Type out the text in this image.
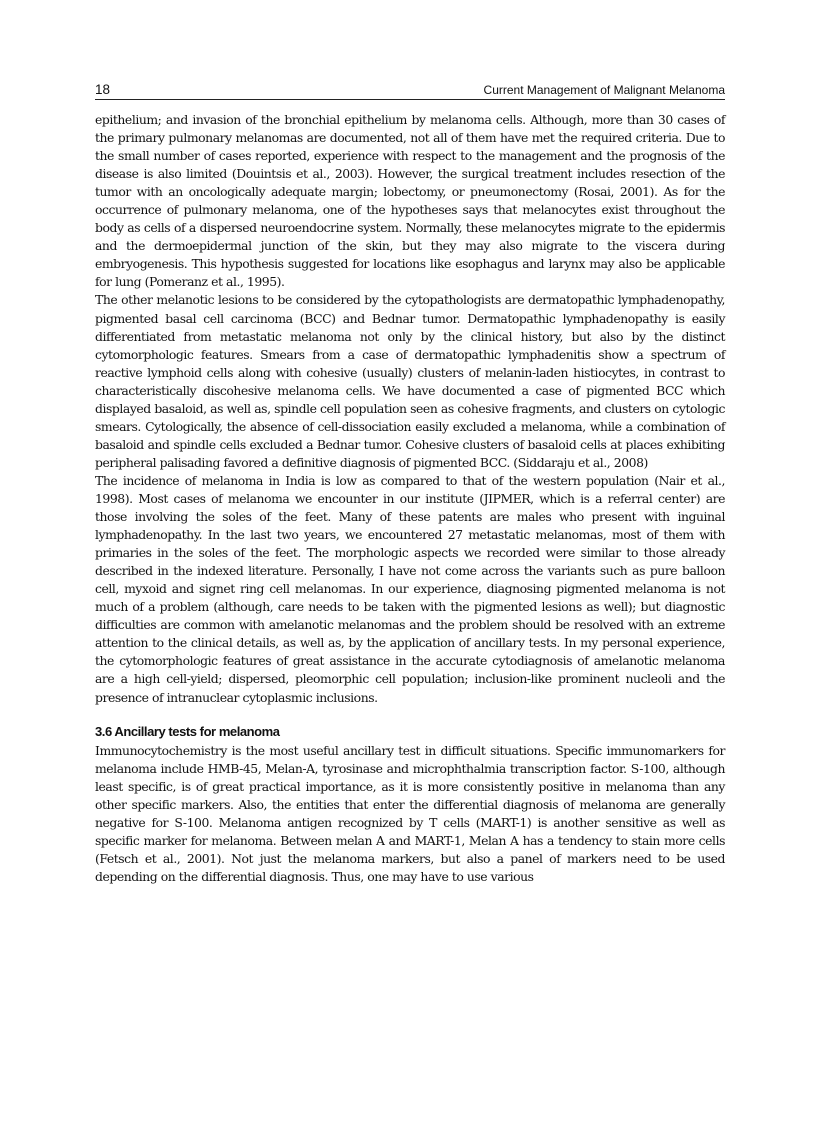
18	Current Management of Malignant Melanoma

epithelium; and invasion of the bronchial epithelium by melanoma cells. Although, more than 30 cases of the primary pulmonary melanomas are documented, not all of them have met the required criteria. Due to the small number of cases reported, experience with respect to the management and the prognosis of the disease is also limited (Douintsis et al., 2003). However, the surgical treatment includes resection of the tumor with an oncologically adequate margin; lobectomy, or pneumonectomy (Rosai, 2001). As for the occurrence of pulmonary melanoma, one of the hypotheses says that melanocytes exist throughout the body as cells of a dispersed neuroendocrine system. Normally, these melanocytes migrate to the epidermis and the dermoepidermal junction of the skin, but they may also migrate to the viscera during embryogenesis. This hypothesis suggested for locations like esophagus and larynx may also be applicable for lung (Pomeranz et al., 1995).

The other melanotic lesions to be considered by the cytopathologists are dermatopathic lymphadenopathy, pigmented basal cell carcinoma (BCC) and Bednar tumor. Dermatopathic lymphadenopathy is easily differentiated from metastatic melanoma not only by the clinical history, but also by the distinct cytomorphologic features. Smears from a case of dermatopathic lymphadenitis show a spectrum of reactive lymphoid cells along with cohesive (usually) clusters of melanin-laden histiocytes, in contrast to characteristically discohesive melanoma cells. We have documented a case of pigmented BCC which displayed basaloid, as well as, spindle cell population seen as cohesive fragments, and clusters on cytologic smears. Cytologically, the absence of cell-dissociation easily excluded a melanoma, while a combination of basaloid and spindle cells excluded a Bednar tumor. Cohesive clusters of basaloid cells at places exhibiting peripheral palisading favored a definitive diagnosis of pigmented BCC. (Siddaraju et al., 2008)

The incidence of melanoma in India is low as compared to that of the western population (Nair et al., 1998). Most cases of melanoma we encounter in our institute (JIPMER, which is a referral center) are those involving the soles of the feet. Many of these patents are males who present with inguinal lymphadenopathy. In the last two years, we encountered 27 metastatic melanomas, most of them with primaries in the soles of the feet. The morphologic aspects we recorded were similar to those already described in the indexed literature. Personally, I have not come across the variants such as pure balloon cell, myxoid and signet ring cell melanomas. In our experience, diagnosing pigmented melanoma is not much of a problem (although, care needs to be taken with the pigmented lesions as well); but diagnostic difficulties are common with amelanotic melanomas and the problem should be resolved with an extreme attention to the clinical details, as well as, by the application of ancillary tests. In my personal experience, the cytomorphologic features of great assistance in the accurate cytodiagnosis of amelanotic melanoma are a high cell-yield; dispersed, pleomorphic cell population; inclusion-like prominent nucleoli and the presence of intranuclear cytoplasmic inclusions.

3.6 Ancillary tests for melanoma

Immunocytochemistry is the most useful ancillary test in difficult situations. Specific immunomarkers for melanoma include HMB-45, Melan-A, tyrosinase and microphthalmia transcription factor. S-100, although least specific, is of great practical importance, as it is more consistently positive in melanoma than any other specific markers. Also, the entities that enter the differential diagnosis of melanoma are generally negative for S-100. Melanoma antigen recognized by T cells (MART-1) is another sensitive as well as specific marker for melanoma. Between melan A and MART-1, Melan A has a tendency to stain more cells (Fetsch et al., 2001). Not just the melanoma markers, but also a panel of markers need to be used depending on the differential diagnosis. Thus, one may have to use various
